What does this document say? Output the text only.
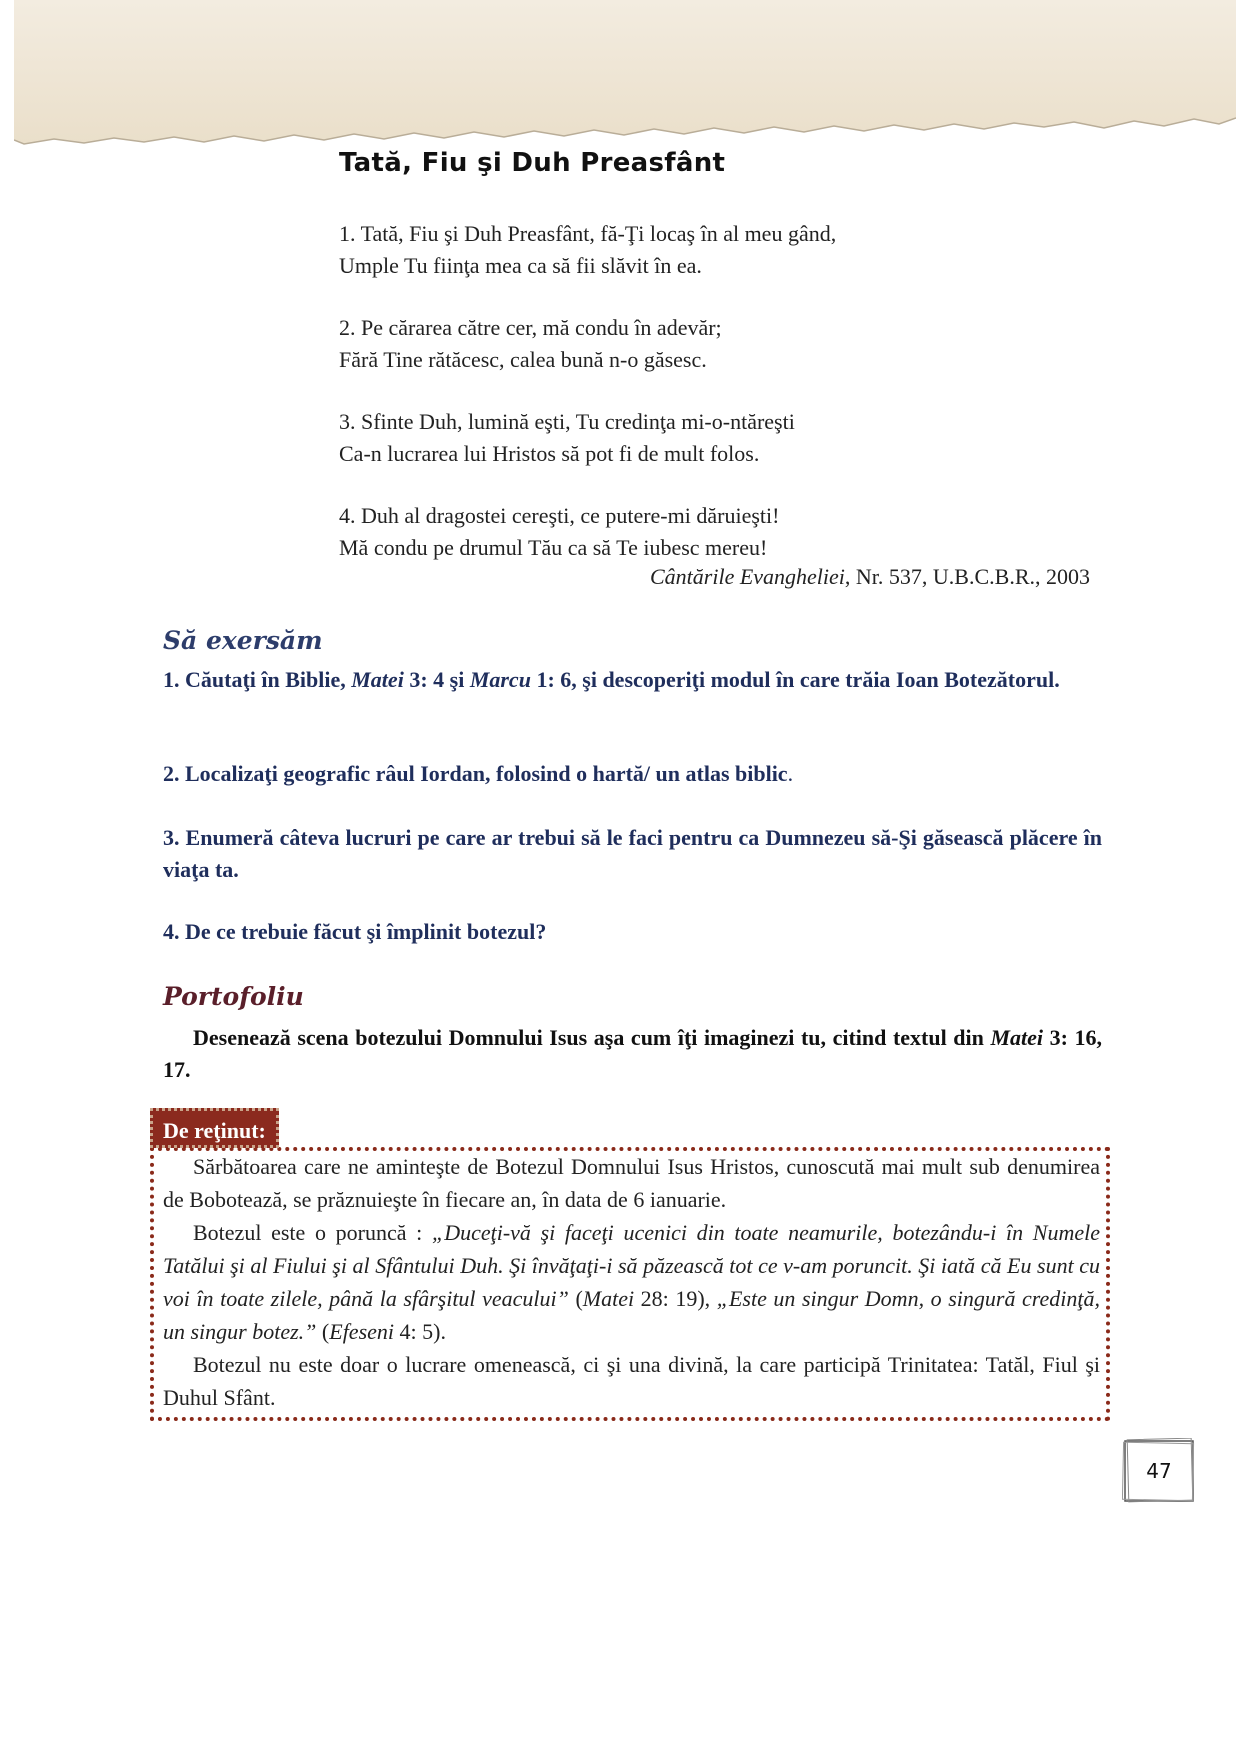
Tată, Fiu şi Duh Preasfânt
1. Tată, Fiu şi Duh Preasfânt, fă-Ţi locaş în al meu gând,
Umple Tu fiinţa mea ca să fii slăvit în ea.
2. Pe cărarea către cer, mă condu în adevăr;
Fără Tine rătăcesc, calea bună n-o găsesc.
3. Sfinte Duh, lumină eşti, Tu credinţa mi-o-ntăreşti
Ca-n lucrarea lui Hristos să pot fi de mult folos.
4. Duh al dragostei cereşti, ce putere-mi dăruieşti!
Mă condu pe drumul Tău ca să Te iubesc mereu!
Cântările Evangheliei, Nr. 537, U.B.C.B.R., 2003
Să exersăm
1. Căutaţi în Biblie, Matei 3: 4 şi Marcu 1: 6, şi descoperiţi modul în care trăia Ioan Botezătorul.
2. Localizaţi geografic râul Iordan, folosind o hartă/ un atlas biblic.
3. Enumeră câteva lucruri pe care ar trebui să le faci pentru ca Dumnezeu să-Şi găsească plăcere în viaţa ta.
4. De ce trebuie făcut şi împlinit botezul?
Portofoliu
Desenează scena botezului Domnului Isus aşa cum îţi imaginezi tu, citind textul din Matei 3: 16, 17.
De reţinut:

Sărbătoarea care ne aminteşte de Botezul Domnului Isus Hristos, cunoscută mai mult sub denumirea de Bobotează, se prăznuieşte în fiecare an, în data de 6 ianuarie.

Botezul este o poruncă : „Duceţi-vă şi faceţi ucenici din toate neamurile, botezându-i în Numele Tatălui şi al Fiului şi al Sfântului Duh. Şi învăţaţi-i să păzească tot ce v-am poruncit. Şi iată că Eu sunt cu voi în toate zilele, până la sfârşitul veacului” (Matei 28: 19), „Este un singur Domn, o singură credinţă, un singur botez.” (Efeseni 4: 5).

Botezul nu este doar o lucrare omenească, ci şi una divină, la care participă Trinitatea: Tatăl, Fiul şi Duhul Sfânt.

47
